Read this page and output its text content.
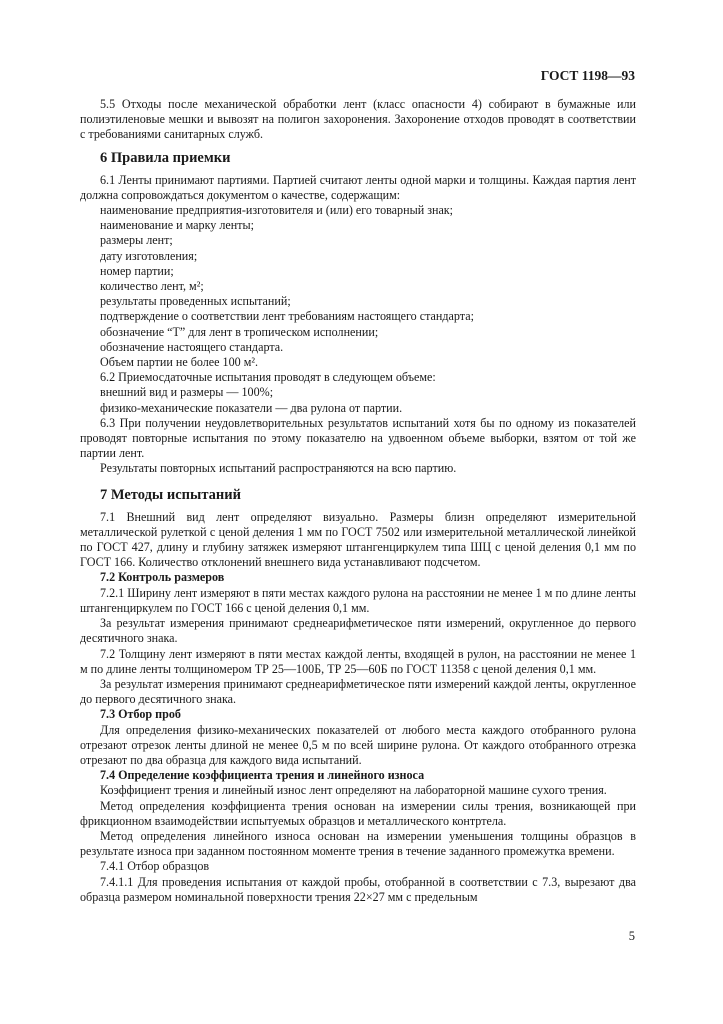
ГОСТ 1198—93
5.5 Отходы после механической обработки лент (класс опасности 4) собирают в бумажные или полиэтиленовые мешки и вывозят на полигон захоронения. Захоронение отходов проводят в соответствии с требованиями санитарных служб.
6 Правила приемки
6.1 Ленты принимают партиями. Партией считают ленты одной марки и толщины. Каждая партия лент должна сопровождаться документом о качестве, содержащим:
наименование предприятия-изготовителя и (или) его товарный знак;
наименование и марку ленты;
размеры лент;
дату изготовления;
номер партии;
количество лент, м²;
результаты проведенных испытаний;
подтверждение о соответствии лент требованиям настоящего стандарта;
обозначение “Т” для лент в тропическом исполнении;
обозначение настоящего стандарта.
Объем партии не более 100 м².
6.2 Приемосдаточные испытания проводят в следующем объеме:
внешний вид и размеры — 100%;
физико-механические показатели — два рулона от партии.
6.3 При получении неудовлетворительных результатов испытаний хотя бы по одному из показателей проводят повторные испытания по этому показателю на удвоенном объеме выборки, взятом от той же партии лент.
Результаты повторных испытаний распространяются на всю партию.
7 Методы испытаний
7.1 Внешний вид лент определяют визуально. Размеры близн определяют измерительной металлической рулеткой с ценой деления 1 мм по ГОСТ 7502 или измерительной металлической линейкой по ГОСТ 427, длину и глубину затяжек измеряют штангенциркулем типа ШЦ с ценой деления 0,1 мм по ГОСТ 166. Количество отклонений внешнего вида устанавливают подсчетом.
7.2 Контроль размеров
7.2.1 Ширину лент измеряют в пяти местах каждого рулона на расстоянии не менее 1 м по длине ленты штангенциркулем по ГОСТ 166 с ценой деления 0,1 мм.
За результат измерения принимают среднеарифметическое пяти измерений, округленное до первого десятичного знака.
7.2 Толщину лент измеряют в пяти местах каждой ленты, входящей в рулон, на расстоянии не менее 1 м по длине ленты толщиномером ТР 25—100Б, ТР 25—60Б по ГОСТ 11358 с ценой деления 0,1 мм.
За результат измерения принимают среднеарифметическое пяти измерений каждой ленты, округленное до первого десятичного знака.
7.3 Отбор проб
Для определения физико-механических показателей от любого места каждого отобранного рулона отрезают отрезок ленты длиной не менее 0,5 м по всей ширине рулона. От каждого отобранного отрезка отрезают по два образца для каждого вида испытаний.
7.4 Определение коэффициента трения и линейного износа
Коэффициент трения и линейный износ лент определяют на лабораторной машине сухого трения.
Метод определения коэффициента трения основан на измерении силы трения, возникающей при фрикционном взаимодействии испытуемых образцов и металлического контртела.
Метод определения линейного износа основан на измерении уменьшения толщины образцов в результате износа при заданном постоянном моменте трения в течение заданного промежутка времени.
7.4.1 Отбор образцов
7.4.1.1 Для проведения испытания от каждой пробы, отобранной в соответствии с 7.3, вырезают два образца размером номинальной поверхности трения 22×27 мм с предельным
5
